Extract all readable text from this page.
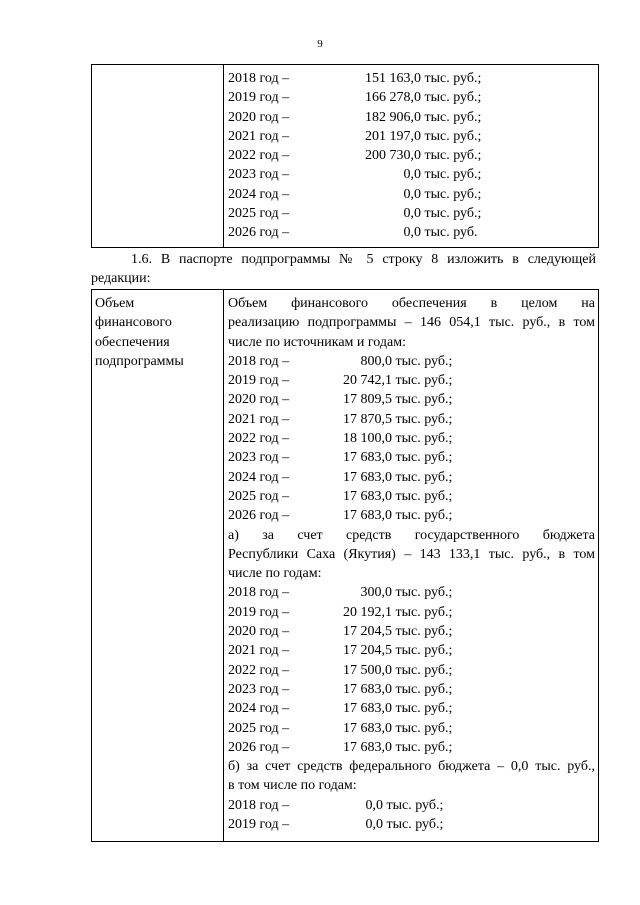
9

2018 год –	151 163,0 тыс. руб.;
2019 год –	166 278,0 тыс. руб.;
2020 год –	182 906,0 тыс. руб.;
2021 год –	201 197,0 тыс. руб.;
2022 год –	200 730,0 тыс. руб.;
2023 год –	0,0 тыс. руб.;
2024 год –	0,0 тыс. руб.;
2025 год –	0,0 тыс. руб.;
2026 год –	0,0 тыс. руб.
1.6. В паспорте подпрограммы № 5 строку 8 изложить в следующей
редакции:
Объем
финансового
обеспечения
подпрограммы

Объем финансового обеспечения в целом на
реализацию подпрограммы – 146 054,1 тыс. руб., в том
числе по источникам и годам:
2018 год –	800,0 тыс. руб.;
2019 год –	20 742,1 тыс. руб.;
2020 год –	17 809,5 тыс. руб.;
2021 год –	17 870,5 тыс. руб.;
2022 год –	18 100,0 тыс. руб.;
2023 год –	17 683,0 тыс. руб.;
2024 год –	17 683,0 тыс. руб.;
2025 год –	17 683,0 тыс. руб.;
2026 год –	17 683,0 тыс. руб.;
а) за счет средств государственного бюджета
Республики Саха (Якутия) – 143 133,1 тыс. руб., в том
числе по годам:
2018 год –	300,0 тыс. руб.;
2019 год –	20 192,1 тыс. руб.;
2020 год –	17 204,5 тыс. руб.;
2021 год –	17 204,5 тыс. руб.;
2022 год –	17 500,0 тыс. руб.;
2023 год –	17 683,0 тыс. руб.;
2024 год –	17 683,0 тыс. руб.;
2025 год –	17 683,0 тыс. руб.;
2026 год –	17 683,0 тыс. руб.;
б) за счет средств федерального бюджета – 0,0 тыс. руб.,
в том числе по годам:
2018 год –	0,0 тыс. руб.;
2019 год –	0,0 тыс. руб.;
